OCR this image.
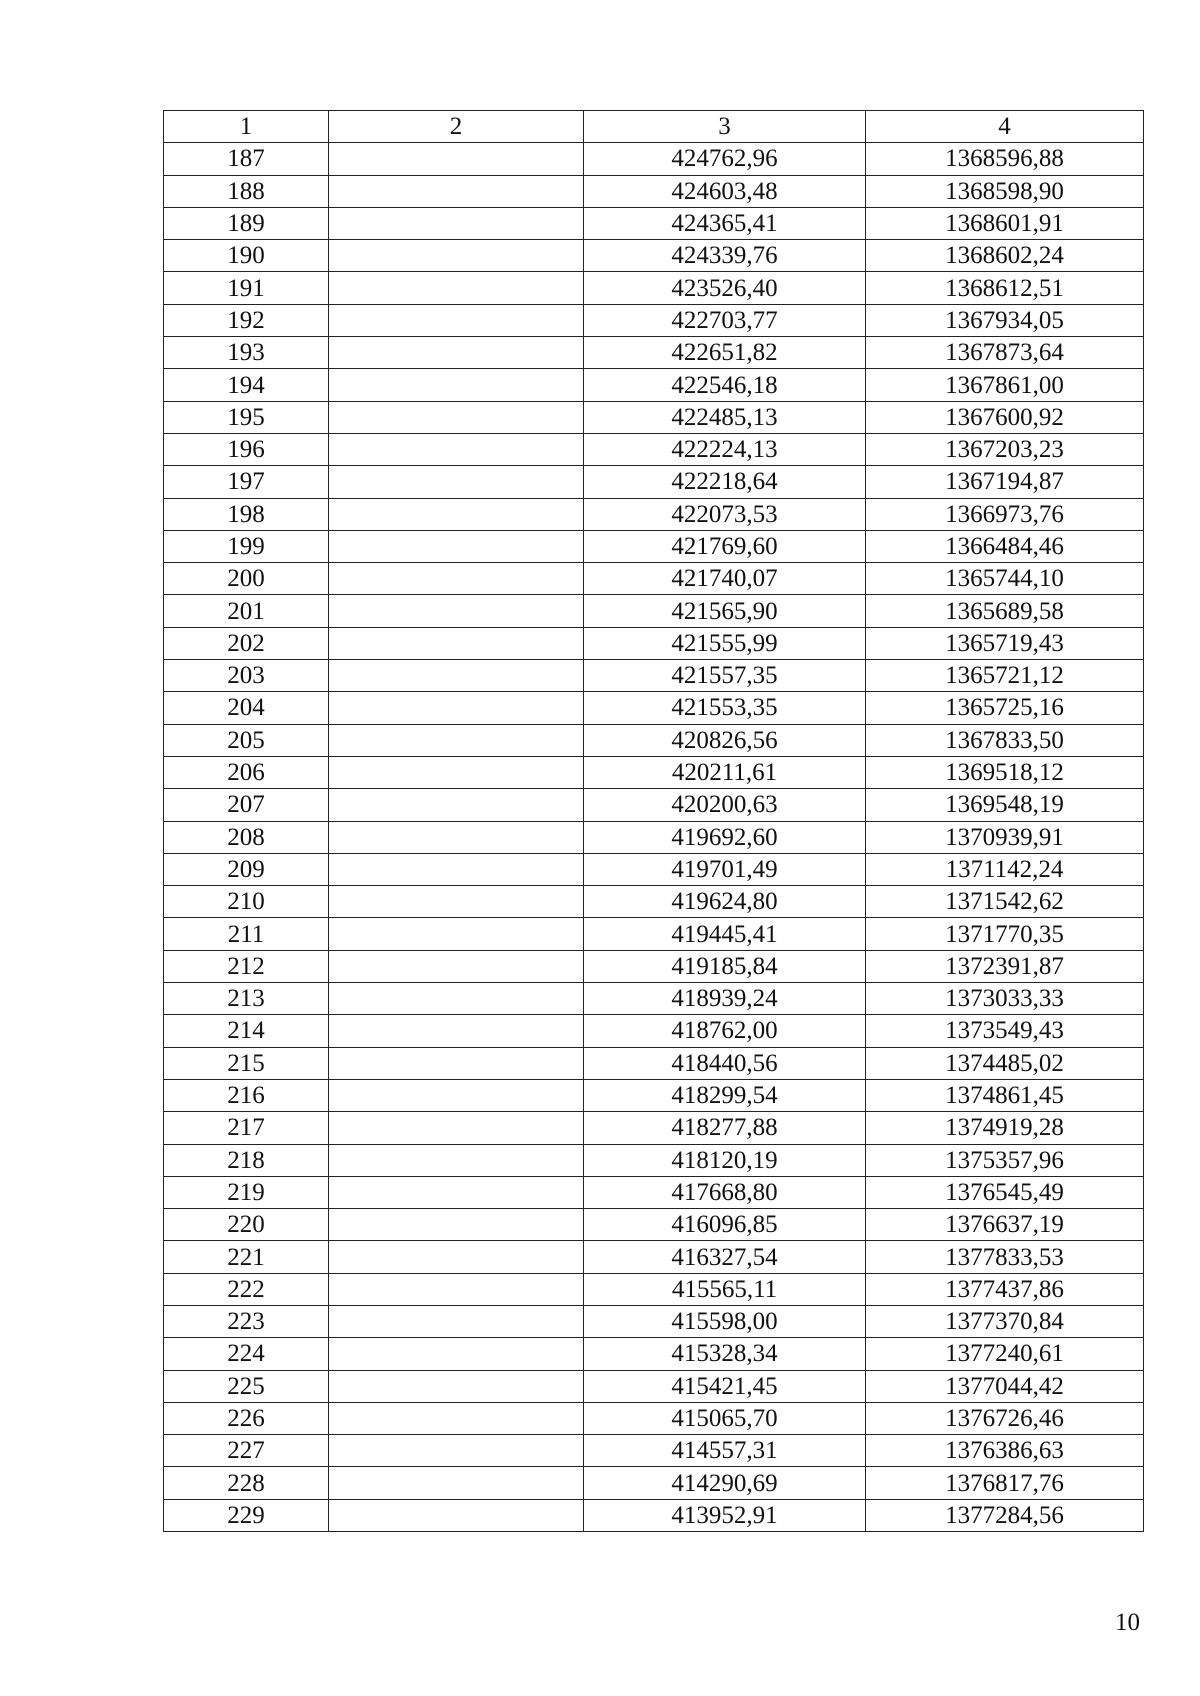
1	2	3	4
187		424762,96	1368596,88
188		424603,48	1368598,90
189		424365,41	1368601,91
190		424339,76	1368602,24
191		423526,40	1368612,51
192		422703,77	1367934,05
193		422651,82	1367873,64
194		422546,18	1367861,00
195		422485,13	1367600,92
196		422224,13	1367203,23
197		422218,64	1367194,87
198		422073,53	1366973,76
199		421769,60	1366484,46
200		421740,07	1365744,10
201		421565,90	1365689,58
202		421555,99	1365719,43
203		421557,35	1365721,12
204		421553,35	1365725,16
205		420826,56	1367833,50
206		420211,61	1369518,12
207		420200,63	1369548,19
208		419692,60	1370939,91
209		419701,49	1371142,24
210		419624,80	1371542,62
211		419445,41	1371770,35
212		419185,84	1372391,87
213		418939,24	1373033,33
214		418762,00	1373549,43
215		418440,56	1374485,02
216		418299,54	1374861,45
217		418277,88	1374919,28
218		418120,19	1375357,96
219		417668,80	1376545,49
220		416096,85	1376637,19
221		416327,54	1377833,53
222		415565,11	1377437,86
223		415598,00	1377370,84
224		415328,34	1377240,61
225		415421,45	1377044,42
226		415065,70	1376726,46
227		414557,31	1376386,63
228		414290,69	1376817,76
229		413952,91	1377284,56
10
